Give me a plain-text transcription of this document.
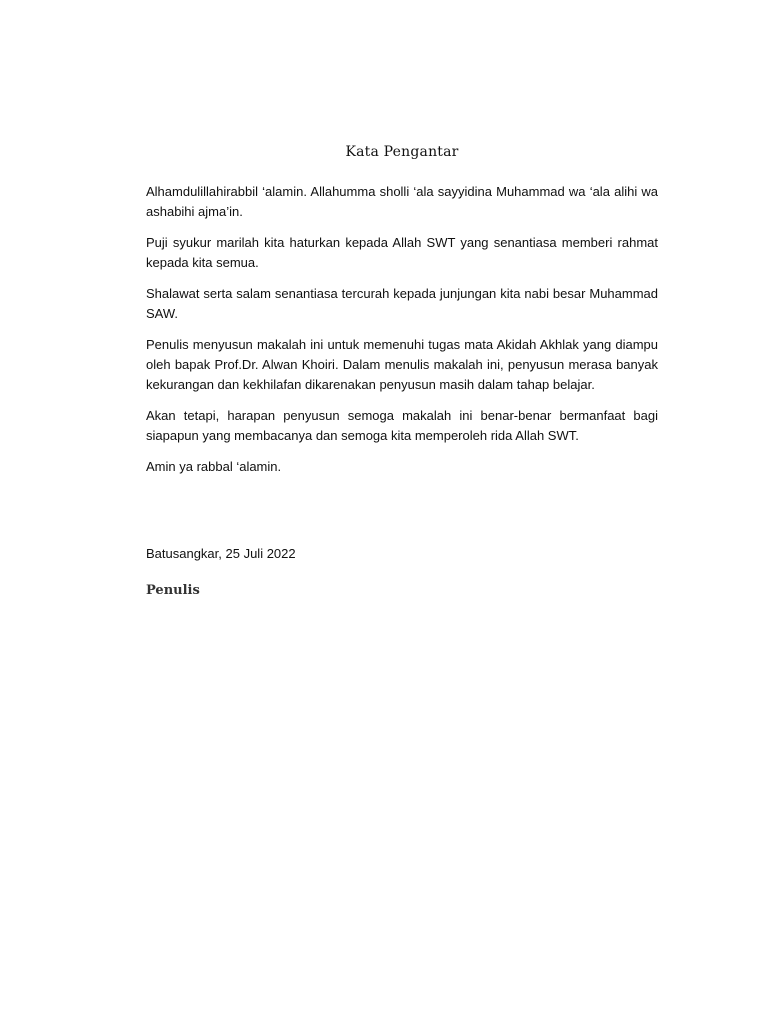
Kata Pengantar

Alhamdulillahirabbil ‘alamin. Allahumma sholli ‘ala sayyidina Muhammad wa ‘ala alihi wa ashabihi ajma’in.

Puji syukur marilah kita haturkan kepada Allah SWT yang senantiasa memberi rahmat kepada kita semua.

Shalawat serta salam senantiasa tercurah kepada junjungan kita nabi besar Muhammad SAW.

Penulis menyusun makalah ini untuk memenuhi tugas mata Akidah Akhlak yang diampu oleh bapak Prof.Dr. Alwan Khoiri. Dalam menulis makalah ini, penyusun merasa banyak kekurangan dan kekhilafan dikarenakan penyusun masih dalam tahap belajar.

Akan tetapi, harapan penyusun semoga makalah ini benar-benar bermanfaat bagi siapapun yang membacanya dan semoga kita memperoleh rida Allah SWT.

Amin ya rabbal ‘alamin.

Batusangkar, 25 Juli 2022
Penulis
